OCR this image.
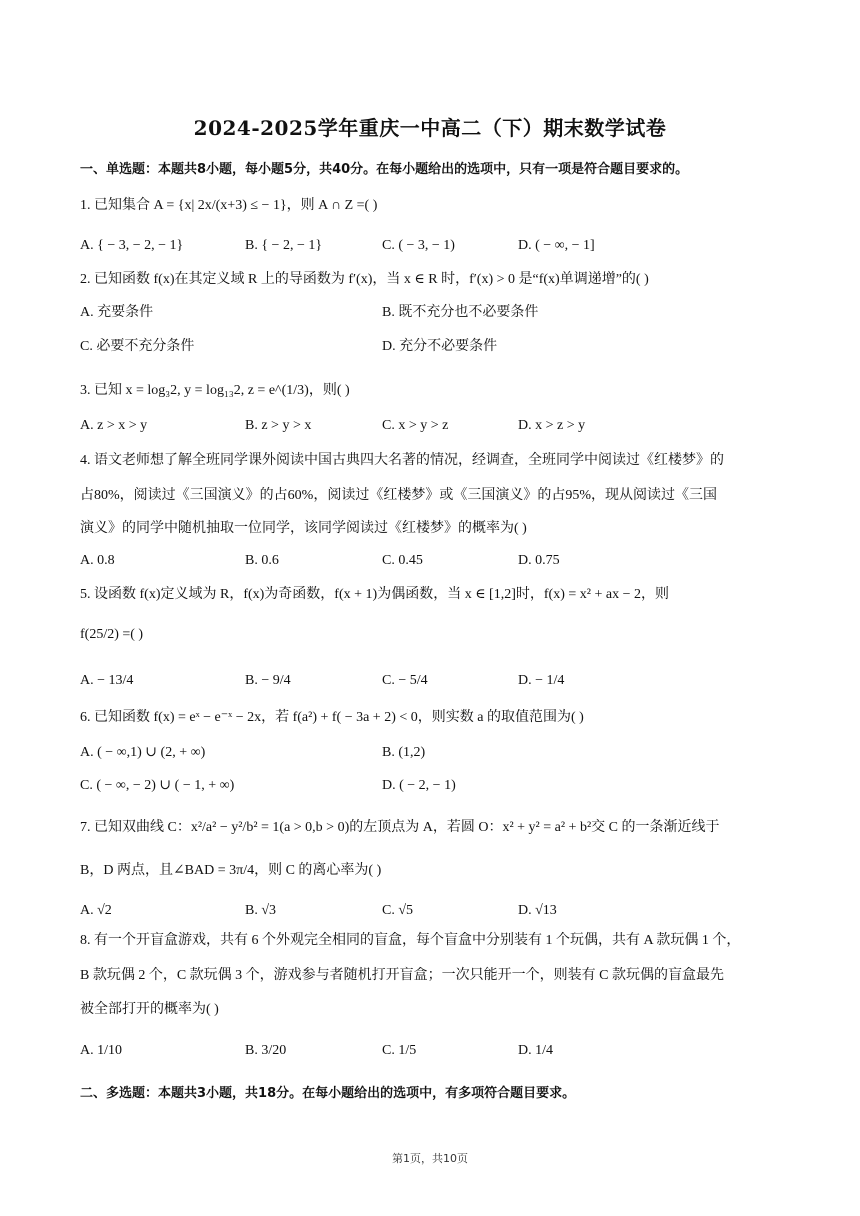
2024-2025学年重庆一中高二（下）期末数学试卷
一、单选题：本题共8小题，每小题5分，共40分。在每小题给出的选项中，只有一项是符合题目要求的。
1. 已知集合 A = {x| 2x/(x+3) ≤ − 1}，则 A ∩ Z =( )
A. { − 3, − 2, − 1}	B. { − 2, − 1}	C. ( − 3, − 1)	D. ( − ∞, − 1]
2. 已知函数 f(x)在其定义域 R 上的导函数为 f′(x)，当 x ∈ R 时，f′(x) > 0 是“f(x)单调递增”的( )
A. 充要条件	B. 既不充分也不必要条件
C. 必要不充分条件	D. 充分不必要条件
3. 已知 x = log₃2, y = log₁₃2, z = e^(1/3)，则( )
A. z > x > y	B. z > y > x	C. x > y > z	D. x > z > y
4. 语文老师想了解全班同学课外阅读中国古典四大名著的情况，经调查，全班同学中阅读过《红楼梦》的
占80%，阅读过《三国演义》的占60%，阅读过《红楼梦》或《三国演义》的占95%，现从阅读过《三国
演义》的同学中随机抽取一位同学，该同学阅读过《红楼梦》的概率为( )
A. 0.8	B. 0.6	C. 0.45	D. 0.75
5. 设函数 f(x)定义域为 R，f(x)为奇函数，f(x + 1)为偶函数，当 x ∈ [1,2]时，f(x) = x² + ax − 2，则
f(25/2) =( )
A. − 13/4	B. − 9/4	C. − 5/4	D. − 1/4
6. 已知函数 f(x) = eˣ − e⁻ˣ − 2x，若 f(a²) + f( − 3a + 2) < 0，则实数 a 的取值范围为( )
A. ( − ∞,1) ∪ (2, + ∞)	B. (1,2)
C. ( − ∞, − 2) ∪ ( − 1, + ∞)	D. ( − 2, − 1)
7. 已知双曲线 C：x²/a² − y²/b² = 1(a > 0,b > 0)的左顶点为 A，若圆 O：x² + y² = a² + b²交 C 的一条渐近线于
B，D 两点，且∠BAD = 3π/4，则 C 的离心率为( )
A. √2	B. √3	C. √5	D. √13
8. 有一个开盲盒游戏，共有 6 个外观完全相同的盲盒，每个盲盒中分别装有 1 个玩偶，共有 A 款玩偶 1 个，
B 款玩偶 2 个，C 款玩偶 3 个，游戏参与者随机打开盲盒；一次只能开一个，则装有 C 款玩偶的盲盒最先
被全部打开的概率为( )
A. 1/10	B. 3/20	C. 1/5	D. 1/4
二、多选题：本题共3小题，共18分。在每小题给出的选项中，有多项符合题目要求。
第1页，共10页
